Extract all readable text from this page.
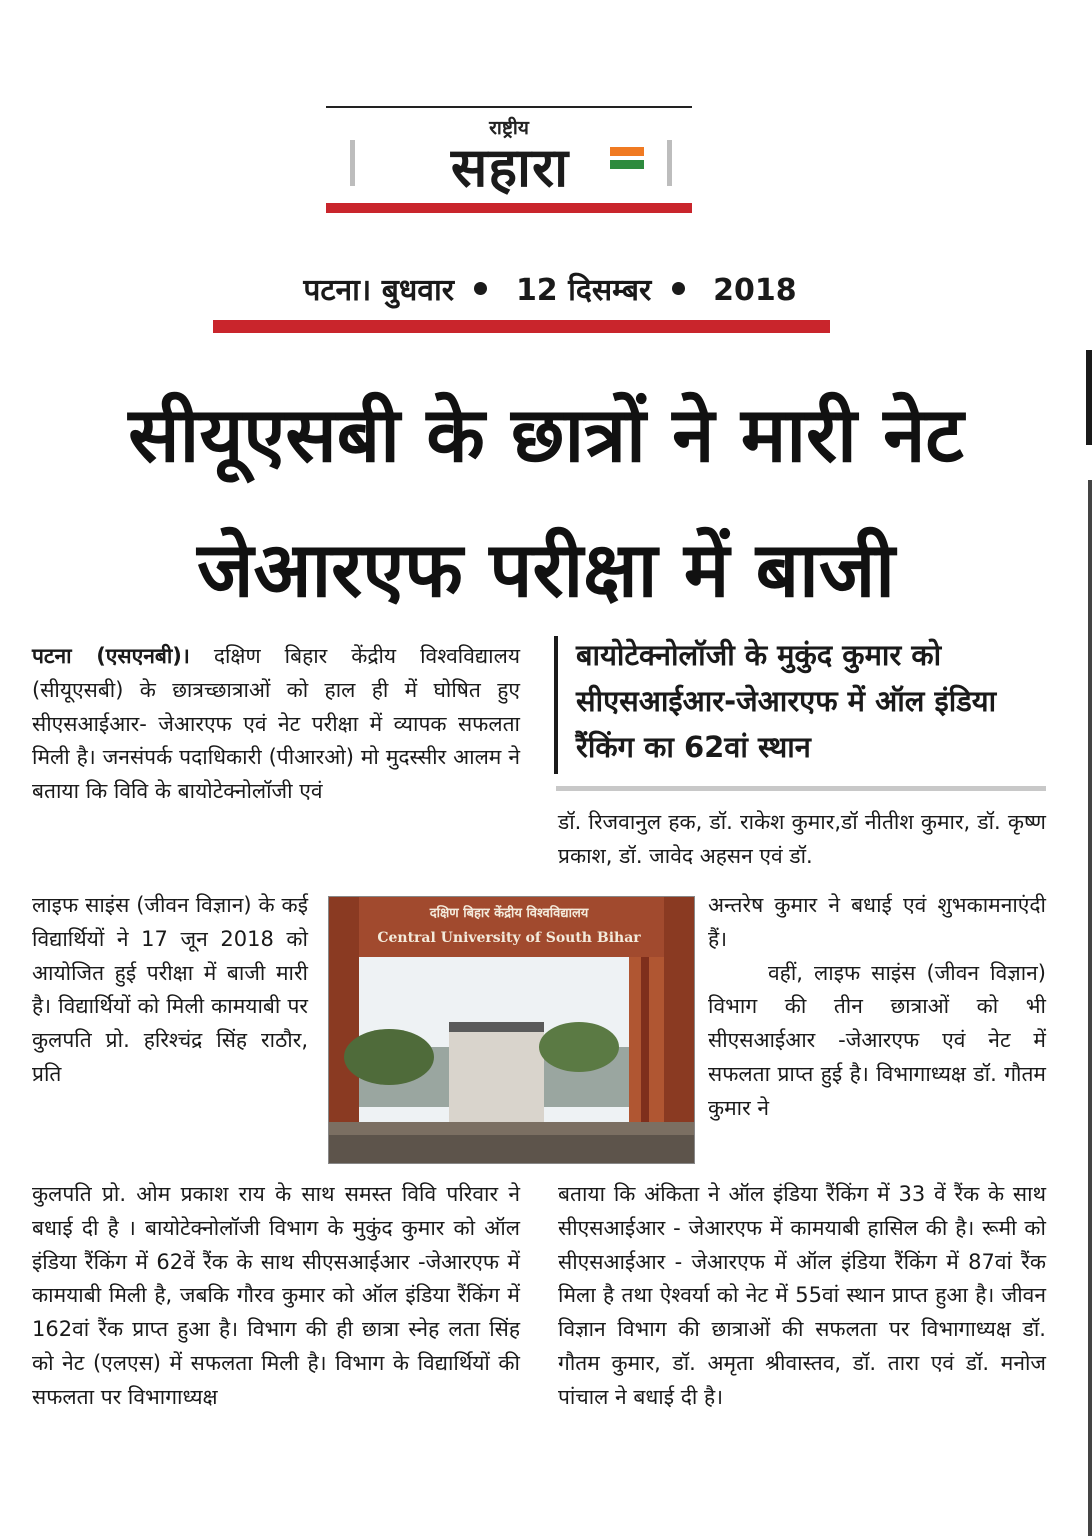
राष्ट्रीय
सहारा
पटना। बुधवार 12 दिसम्बर 2018
सीयूएसबी के छात्रों ने मारी नेट
जेआरएफ परीक्षा में बाजी
पटना (एसएनबी)। दक्षिण बिहार केंद्रीय विश्वविद्यालय (सीयूएसबी) के छात्रच्छात्राओं को हाल ही में घोषित हुए सीएसआईआर- जेआरएफ एवं नेट परीक्षा में व्यापक सफलता मिली है। जनसंपर्क पदाधिकारी (पीआरओ) मो मुदस्सीर आलम ने बताया कि विवि के बायोटेक्नोलॉजी एवं
लाइफ साइंस (जीवन विज्ञान) के कई विद्यार्थियों ने 17 जून 2018 को आयोजित हुई परीक्षा में बाजी मारी है। विद्यार्थियों को मिली कामयाबी पर कुलपति प्रो. हरिश्चंद्र सिंह राठौर, प्रति
कुलपति प्रो. ओम प्रकाश राय के साथ समस्त विवि परिवार ने बधाई दी है । बायोटेक्नोलॉजी विभाग के मुकुंद कुमार को ऑल इंडिया रैंकिंग में 62वें रैंक के साथ सीएसआईआर ‑जेआरएफ में कामयाबी मिली है, जबकि गौरव कुमार को ऑल इंडिया रैंकिंग में 162वां रैंक प्राप्त हुआ है। विभाग की ही छात्रा स्नेह लता सिंह को नेट (एलएस) में सफलता मिली है। विभाग के विद्यार्थियों की सफलता पर विभागाध्यक्ष
बायोटेक्नोलॉजी के मुकुंद कुमार को सीएसआईआर-जेआरएफ में ऑल इंडिया रैंकिंग का 62वां स्थान
डॉ. रिजवानुल हक, डॉ. राकेश कुमार,डॉ नीतीश कुमार, डॉ. कृष्ण प्रकाश, डॉ. जावेद अहसन एवं डॉ.
अन्तरेष कुमार ने बधाई एवं शुभकामनाएंदी हैं।
वहीं, लाइफ साइंस (जीवन विज्ञान) विभाग की तीन छात्राओं को भी सीएसआईआर ‑जेआरएफ एवं नेट में सफलता प्राप्त हुई है। विभागाध्यक्ष डॉ. गौतम कुमार ने
बताया कि अंकिता ने ऑल इंडिया रैंकिंग में 33 वें रैंक के साथ सीएसआईआर ‑ जेआरएफ में कामयाबी हासिल की है। रूमी को सीएसआईआर ‑ जेआरएफ में ऑल इंडिया रैंकिंग में 87वां रैंक मिला है तथा ऐश्वर्या को नेट में 55वां स्थान प्राप्त हुआ है। जीवन विज्ञान विभाग की छात्राओं की सफलता पर विभागाध्यक्ष डॉ. गौतम कुमार, डॉ. अमृता श्रीवास्तव, डॉ. तारा एवं डॉ. मनोज पांचाल ने बधाई दी है।
दक्षिण बिहार केंद्रीय विश्वविद्यालय
Central University of South Bihar
